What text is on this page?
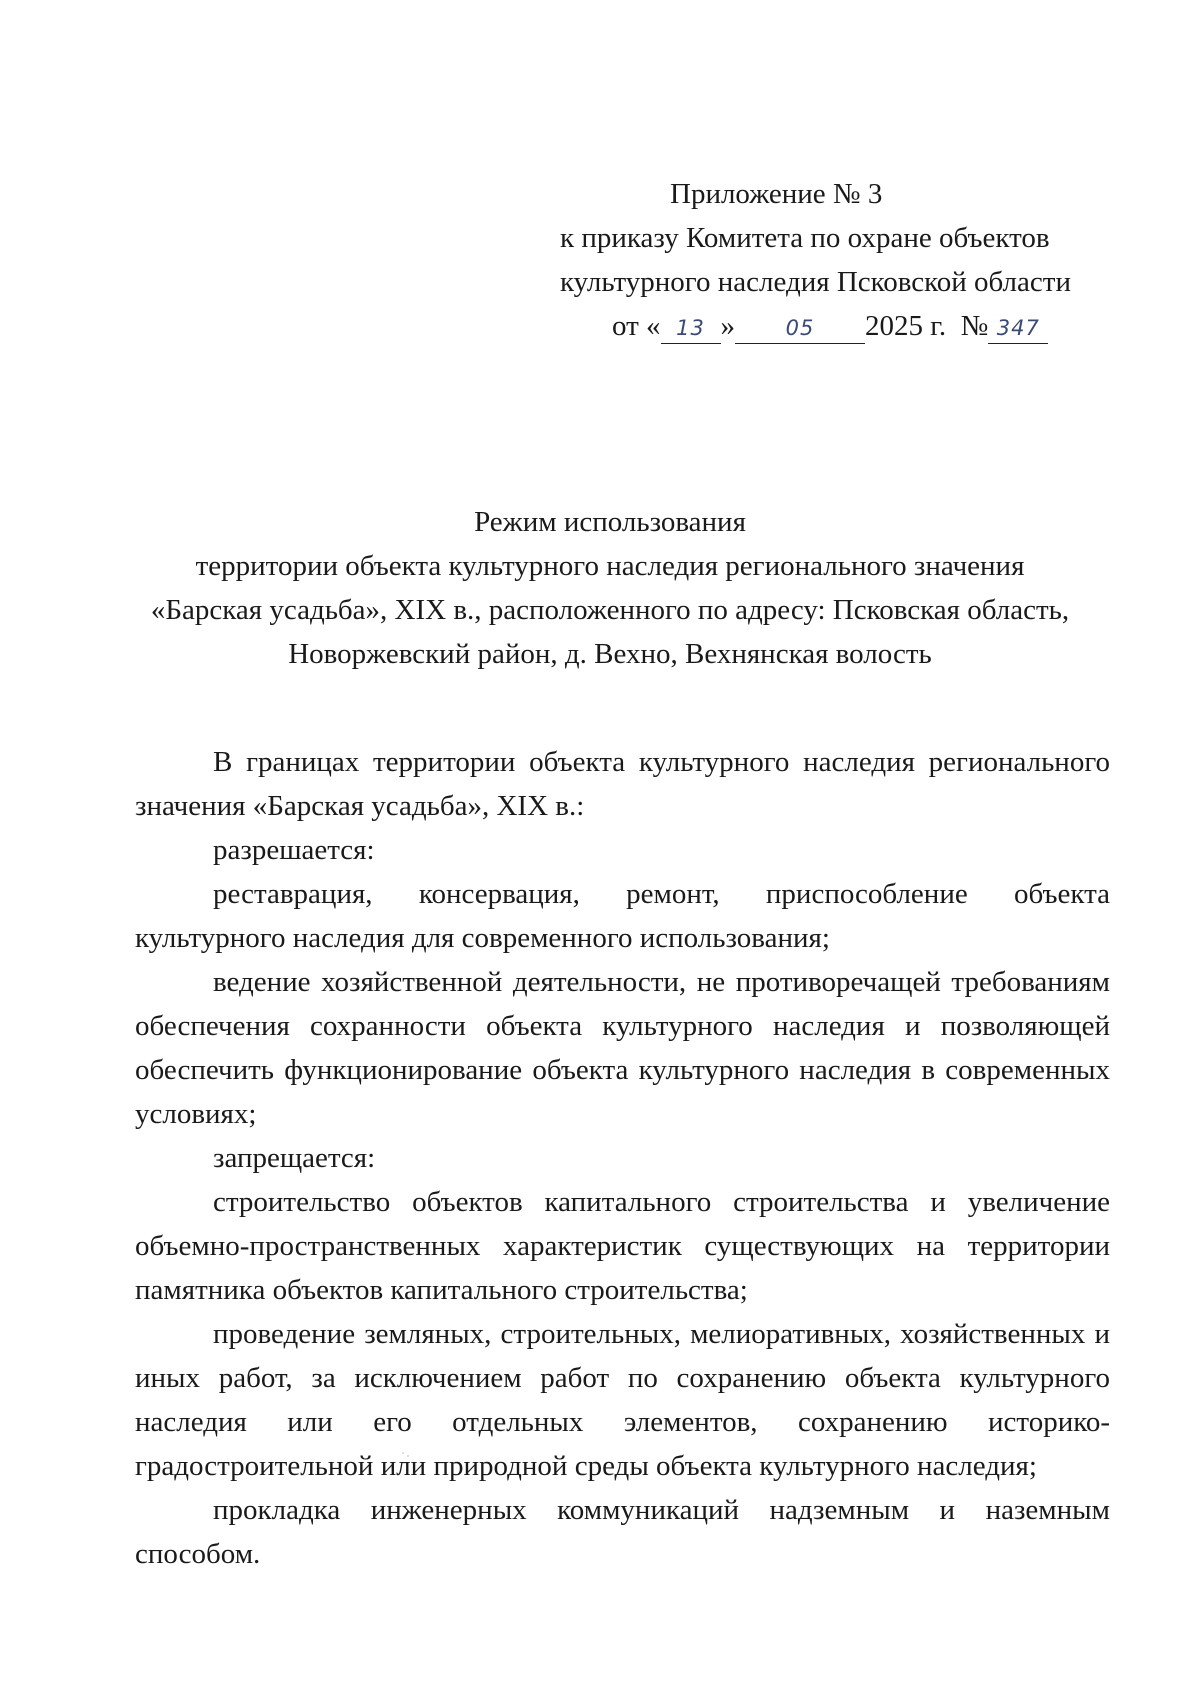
Приложение № 3
к приказу Комитета по охране объектов
культурного наследия Псковской области
от « 13 » 05 2025 г. № 347
Режим использования
территории объекта культурного наследия регионального значения
«Барская усадьба», XIX в., расположенного по адресу: Псковская область,
Новоржевский район, д. Вехно, Вехнянская волость

В границах территории объекта культурного наследия регионального значения «Барская усадьба», XIX в.:

разрешается:

реставрация, консервация, ремонт, приспособление объекта культурного наследия для современного использования;

ведение хозяйственной деятельности, не противоречащей требованиям обеспечения сохранности объекта культурного наследия и позволяющей обеспечить функционирование объекта культурного наследия в современных условиях;

запрещается:

строительство объектов капитального строительства и увеличение объемно-пространственных характеристик существующих на территории памятника объектов капитального строительства;

проведение земляных, строительных, мелиоративных, хозяйственных и иных работ, за исключением работ по сохранению объекта культурного наследия или его отдельных элементов, сохранению историко-градостроительной или природной среды объекта культурного наследия;

прокладка инженерных коммуникаций надземным и наземным способом.
